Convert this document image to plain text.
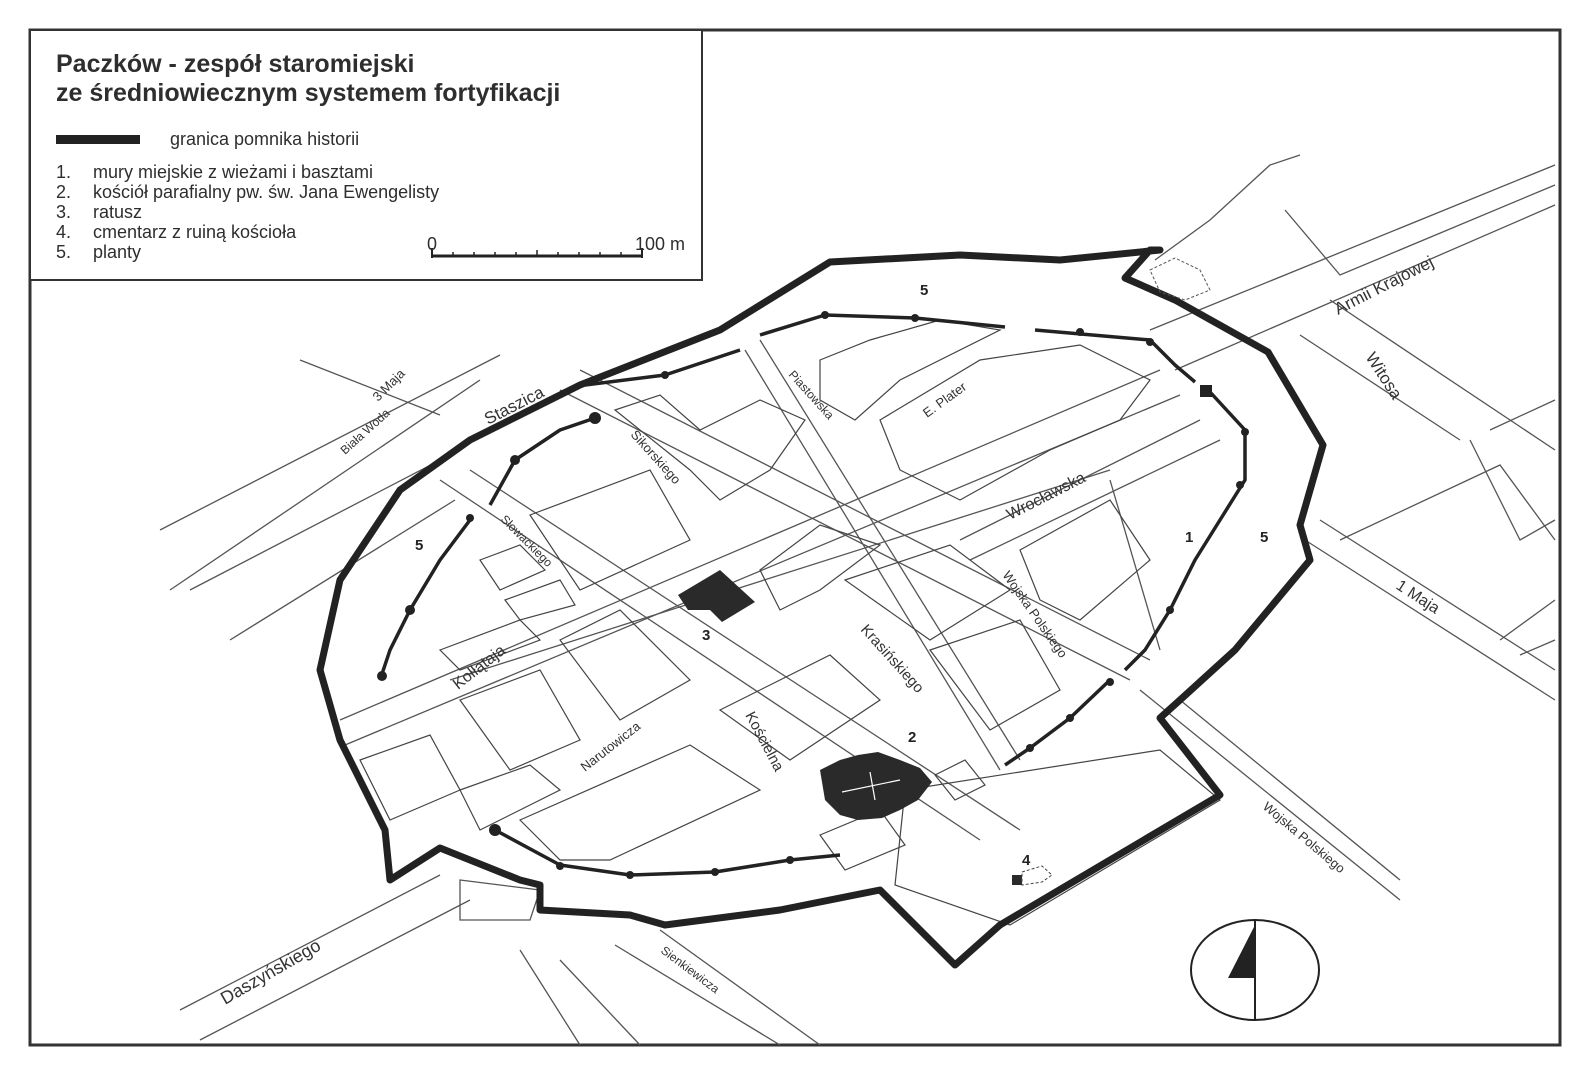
Armii Krajowej
Witosa
1 Maja
Wojska Polskiego
Wrocławska
Wojska Polskiego
E. Plater
Piastowska
Sikorskiego
Słowackiego
Kołłątaja
Narutowicza	Kościelna
Krasińskiego
Staszica
3 Maja
Biała Woda
Daszyńskiego	Sienkiewicza
1
2
3
4
5
5	5
Paczków - zespół staromiejski
ze średniowiecznym systemem fortyfikacji
granica pomnika historii
1. mury miejskie z wieżami i basztami
2. kościół parafialny pw. św. Jana Ewengelisty
3. ratusz
4. cmentarz z ruiną kościoła
5. planty	0	100 m
